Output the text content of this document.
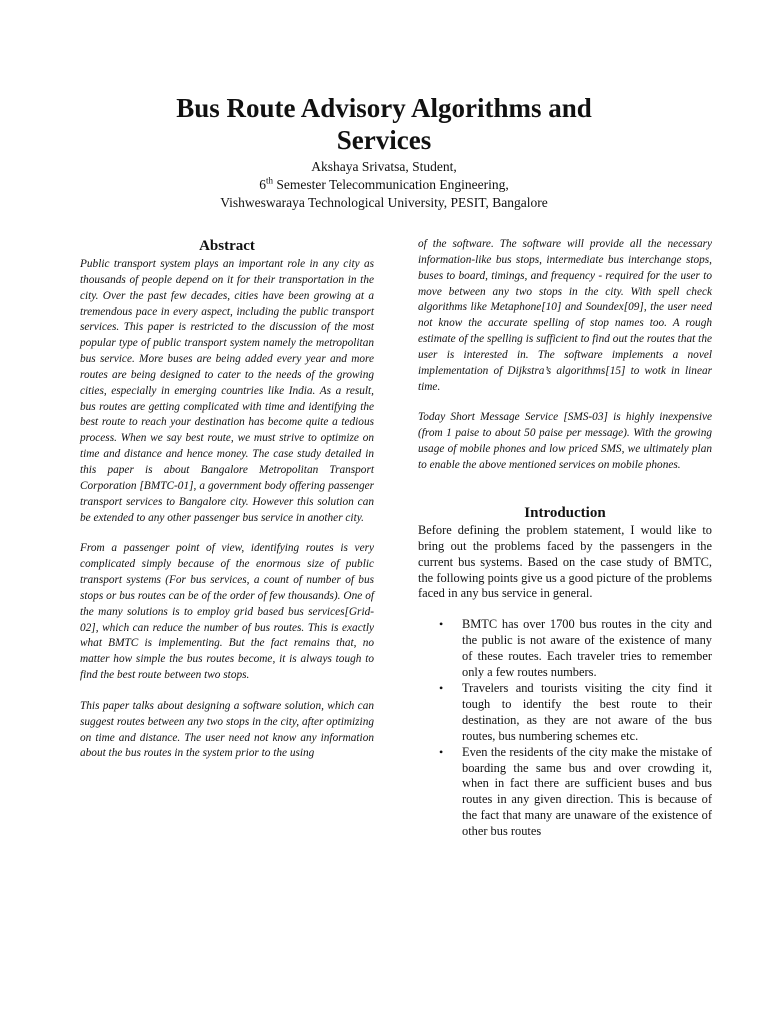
Bus Route Advisory Algorithms and
Services
Akshaya Srivatsa, Student,
6th Semester Telecommunication Engineering,
Vishweswaraya Technological University, PESIT, Bangalore
Abstract

Public transport system plays an important role in any city as thousands of people depend on it for their transportation in the city. Over the past few decades, cities have been growing at a tremendous pace in every aspect, including the public transport services. This paper is restricted to the discussion of the most popular type of public transport system namely the metropolitan bus service. More buses are being added every year and more routes are being designed to cater to the needs of the growing cities, especially in emerging countries like India. As a result, bus routes are getting complicated with time and identifying the best route to reach your destination has become quite a tedious process. When we say best route, we must strive to optimize on time and distance and hence money. The case study detailed in this paper is about Bangalore Metropolitan Transport Corporation [BMTC-01], a government body offering passenger transport services to Bangalore city. However this solution can be extended to any other passenger bus service in another city.

From a passenger point of view, identifying routes is very complicated simply because of the enormous size of public transport systems (For bus services, a count of number of bus stops or bus routes can be of the order of few thousands). One of the many solutions is to employ grid based bus services[Grid-02], which can reduce the number of bus routes. This is exactly what BMTC is implementing. But the fact remains that, no matter how simple the bus routes become, it is always tough to find the best route between two stops.

This paper talks about designing a software solution, which can suggest routes between any two stops in the city, after optimizing on time and distance. The user need not know any information about the bus routes in the system prior to the using

of the software. The software will provide all the necessary information-like bus stops, intermediate bus interchange stops, buses to board, timings, and frequency - required for the user to move between any two stops in the city. With spell check algorithms like Metaphone[10] and Soundex[09], the user need not know the accurate spelling of stop names too. A rough estimate of the spelling is sufficient to find out the routes that the user is interested in. The software implements a novel implementation of Dijkstra’s algorithms[15] to wotk in linear time.

Today Short Message Service [SMS-03] is highly inexpensive (from 1 paise to about 50 paise per message). With the growing usage of mobile phones and low priced SMS, we ultimately plan to enable the above mentioned services on mobile phones.

Introduction

Before defining the problem statement, I would like to bring out the problems faced by the passengers in the current bus systems. Based on the case study of BMTC, the following points give us a good picture of the problems faced in any bus service in general.

• BMTC has over 1700 bus routes in the city and the public is not aware of the existence of many of these routes. Each traveler tries to remember only a few routes numbers.
• Travelers and tourists visiting the city find it tough to identify the best route to their destination, as they are not aware of the bus routes, bus numbering schemes etc.
• Even the residents of the city make the mistake of boarding the same bus and over crowding it, when in fact there are sufficient buses and bus routes in any given direction. This is because of the fact that many are unaware of the existence of other bus routes
